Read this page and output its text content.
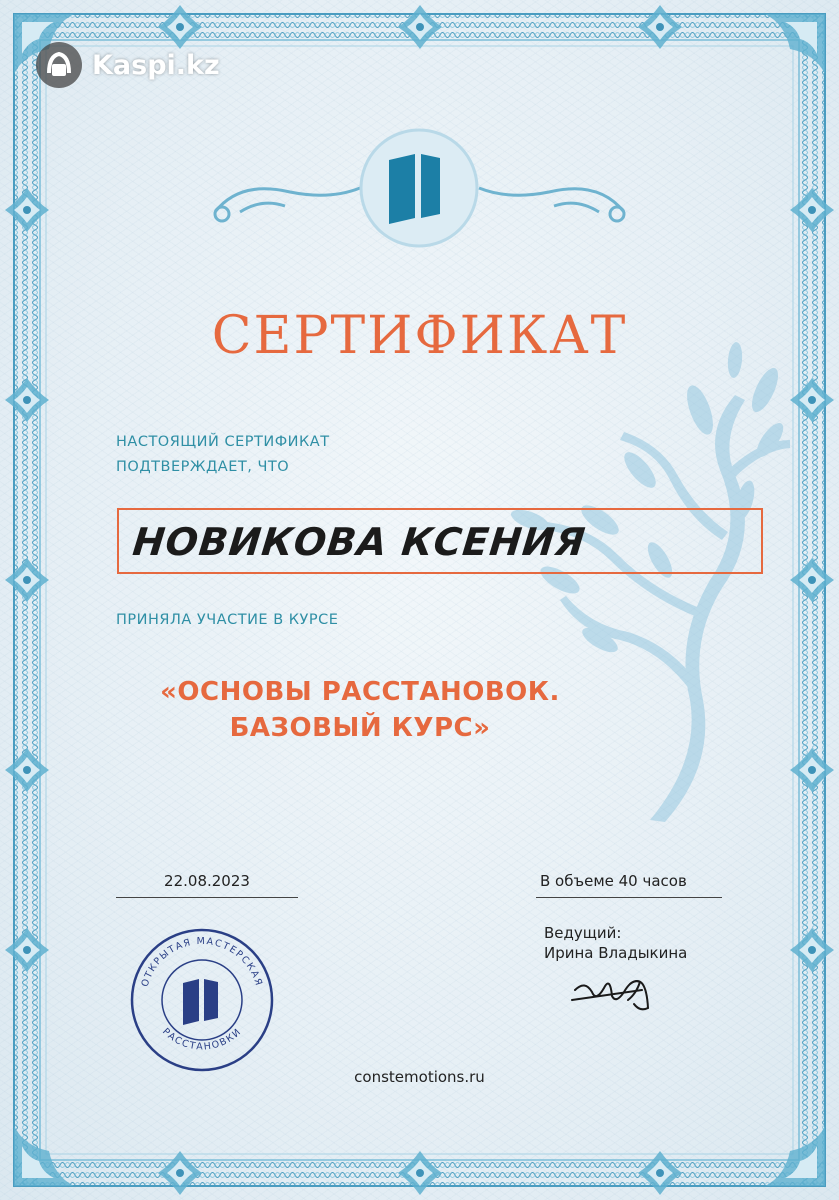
ОТКРЫТАЯ МАСТЕРСКАЯ
РАССТАНОВКИ
Kaspi.kz
СЕРТИФИКАТ
НАСТОЯЩИЙ СЕРТИФИКАТ
ПОДТВЕРЖДАЕТ, ЧТО
НОВИКОВА КСЕНИЯ
ПРИНЯЛА УЧАСТИЕ В КУРСЕ
«ОСНОВЫ РАССТАНОВОК.
БАЗОВЫЙ КУРС»
22.08.2023	В объеме 40 часов
Ведущий:
Ирина Владыкина
constemotions.ru
